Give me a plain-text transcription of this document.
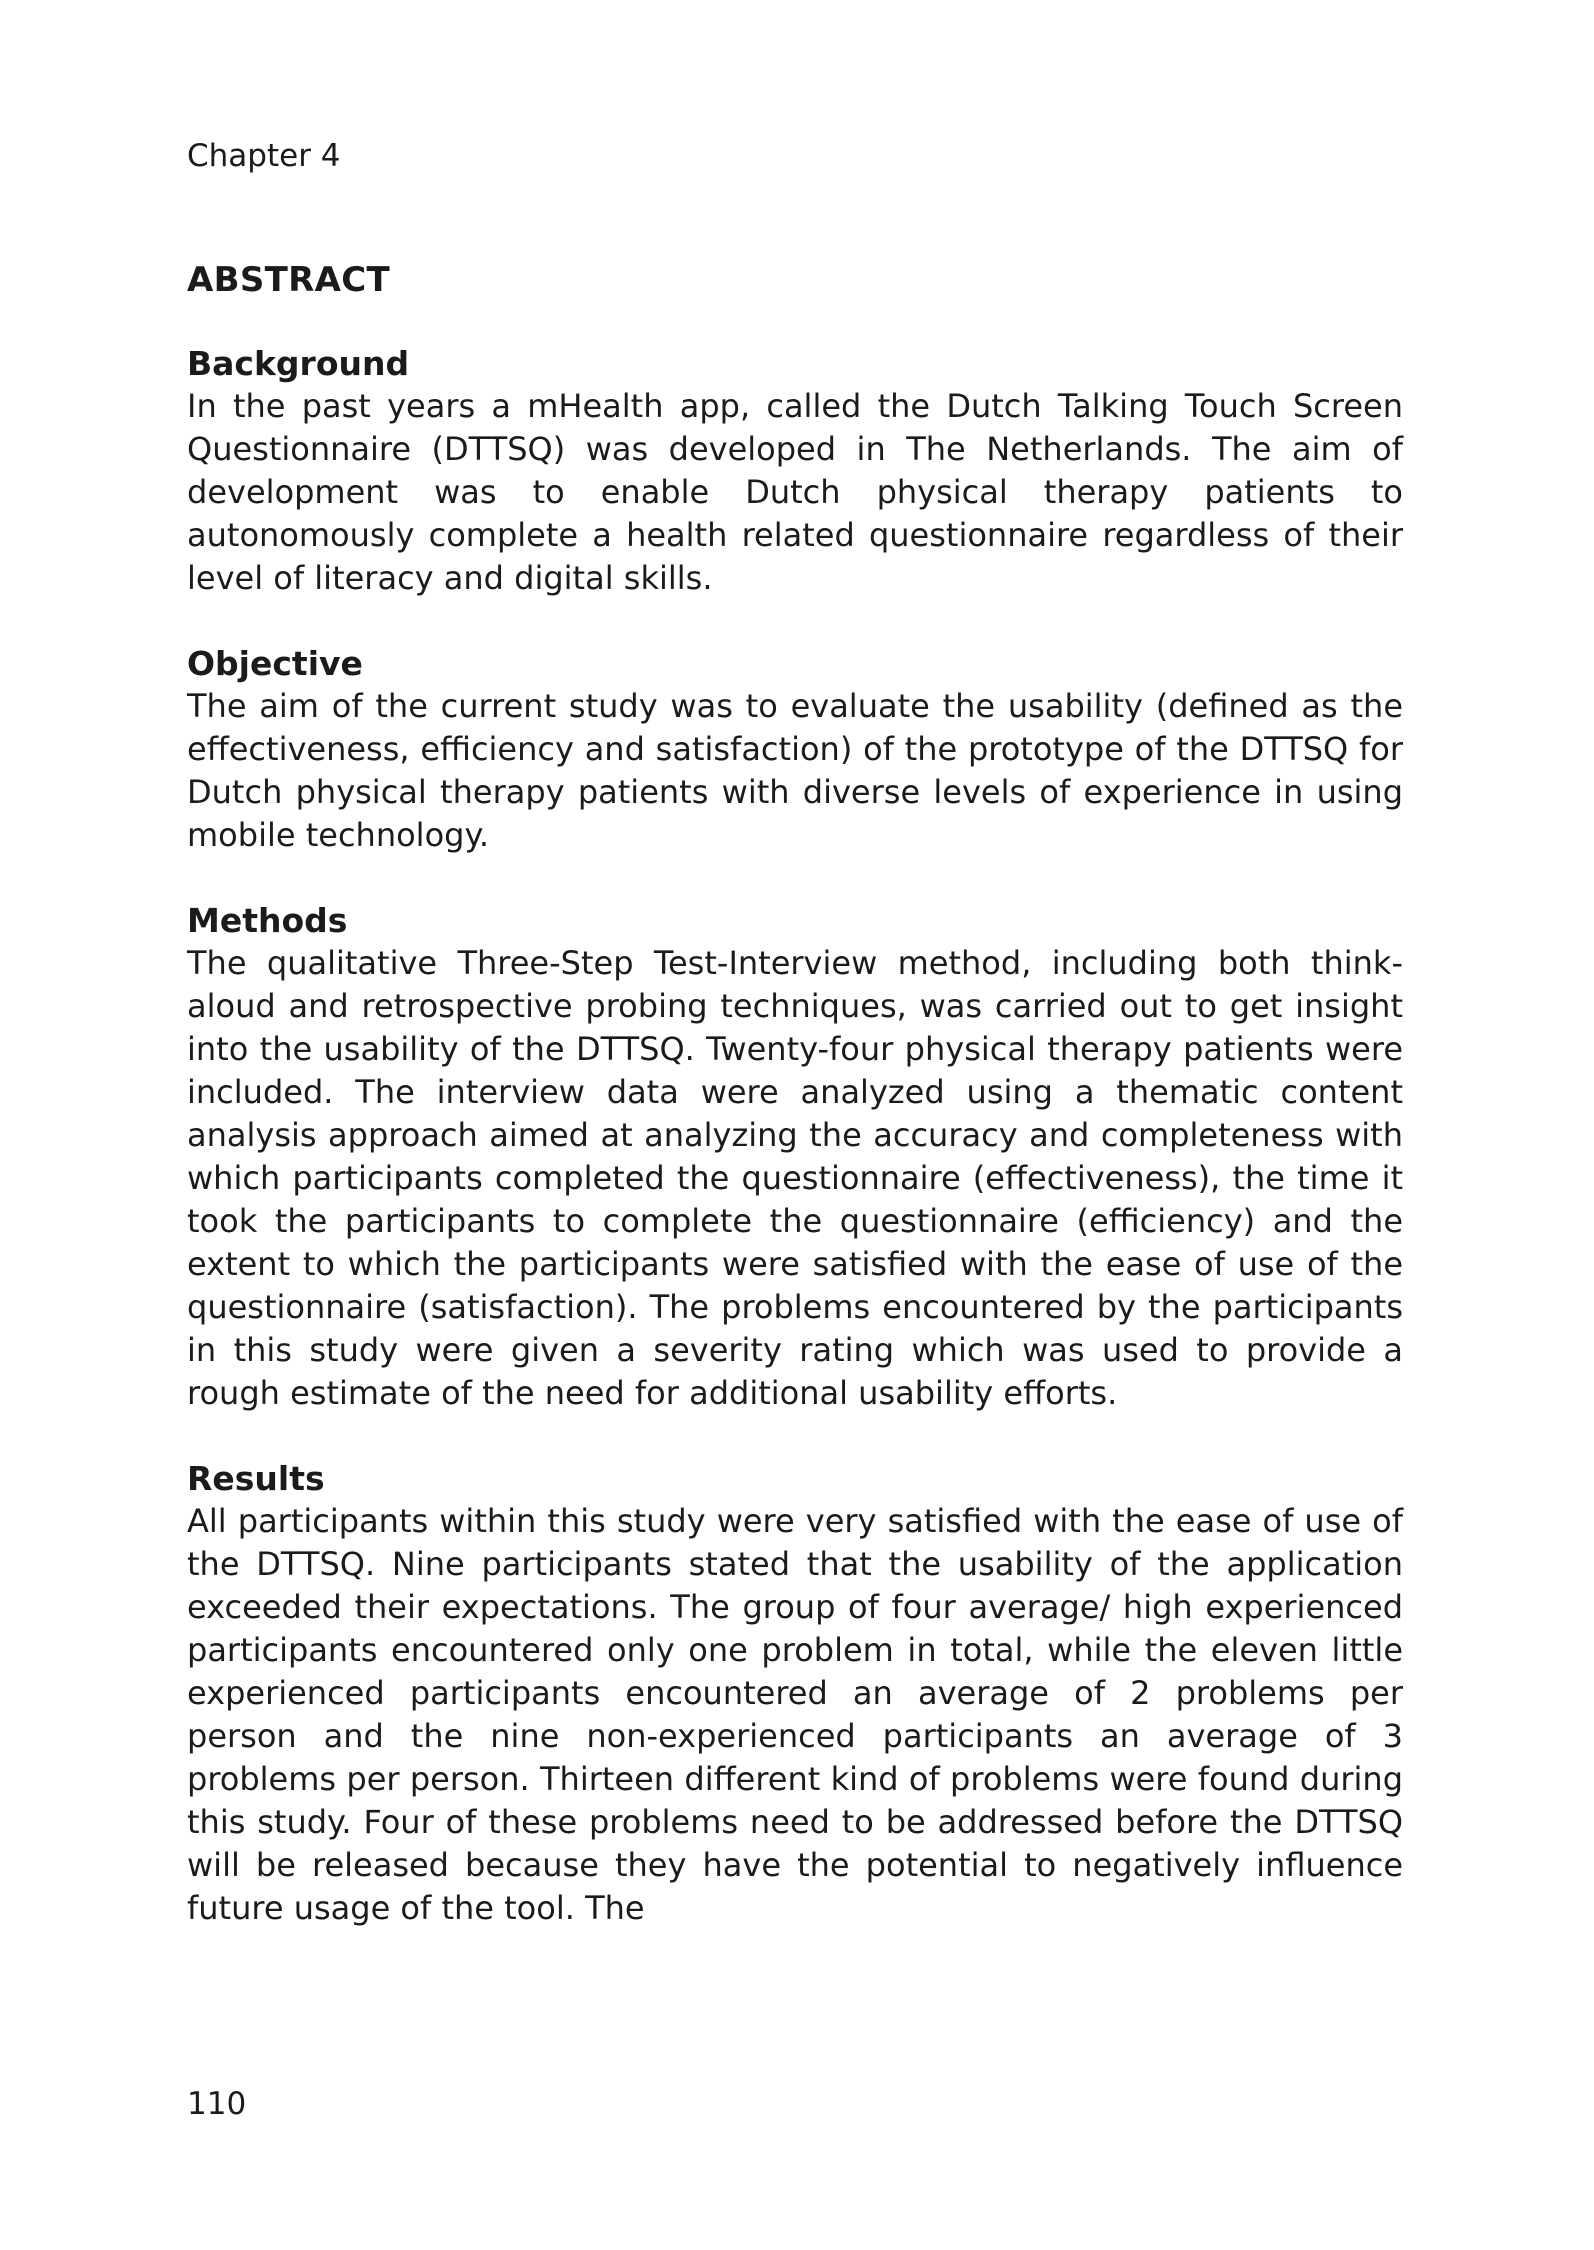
Chapter 4
ABSTRACT
Background

In the past years a mHealth app, called the Dutch Talking Touch Screen Questionnaire (DTTSQ) was developed in The Netherlands. The aim of development was to enable Dutch physical therapy patients to autonomously complete a health related questionnaire regardless of their level of literacy and digital skills.

Objective

The aim of the current study was to evaluate the usability (defined as the effectiveness, efficiency and satisfaction) of the prototype of the DTTSQ for Dutch physical therapy patients with diverse levels of experience in using mobile technology.

Methods

The qualitative Three-Step Test-Interview method, including both think-aloud and retrospective probing techniques, was carried out to get insight into the usability of the DTTSQ. Twenty-four physical therapy patients were included. The interview data were analyzed using a thematic content analysis approach aimed at analyzing the accuracy and completeness with which participants completed the questionnaire (effectiveness), the time it took the participants to complete the questionnaire (efficiency) and the extent to which the participants were satisfied with the ease of use of the questionnaire (satisfaction). The problems encountered by the participants in this study were given a severity rating which was used to provide a rough estimate of the need for additional usability efforts.

Results

All participants within this study were very satisfied with the ease of use of the DTTSQ. Nine participants stated that the usability of the application exceeded their expectations. The group of four average/ high experienced participants encountered only one problem in total, while the eleven little experienced participants encountered an average of 2 problems per person and the nine non-experienced participants an average of 3 problems per person. Thirteen different kind of problems were found during this study. Four of these problems need to be addressed before the DTTSQ will be released because they have the potential to negatively influence future usage of the tool. The

110
